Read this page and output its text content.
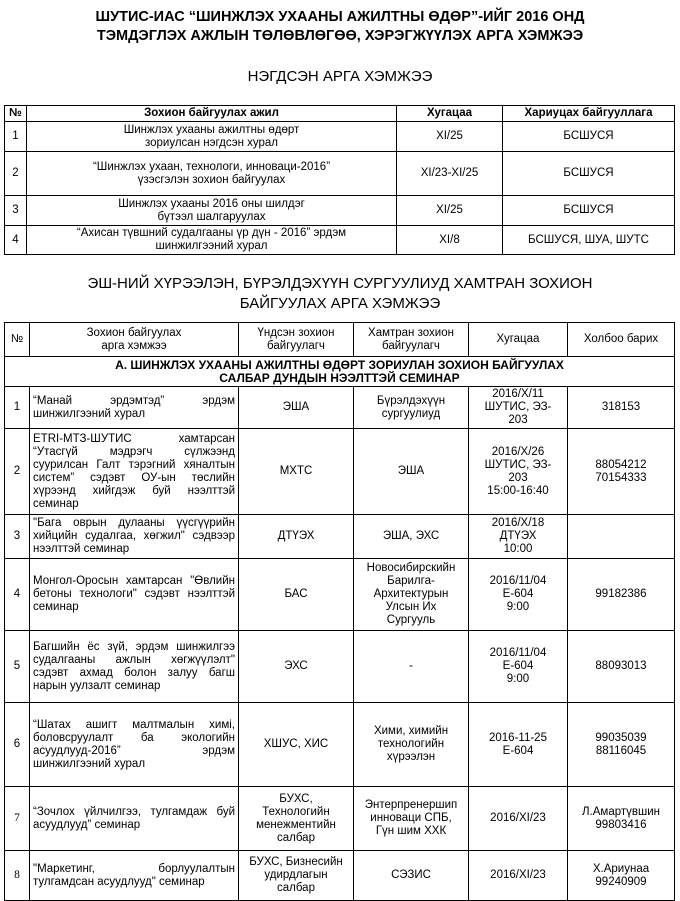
ШУТИС-ИАС “ШИНЖЛЭХ УХААНЫ АЖИЛТНЫ ӨДӨР”-ИЙГ 2016 ОНД
ТЭМДЭГЛЭХ АЖЛЫН ТӨЛӨВЛӨГӨӨ, ХЭРЭГЖҮҮЛЭХ АРГА ХЭМЖЭЭ
НЭГДСЭН АРГА ХЭМЖЭЭ
№	Зохион байгуулах ажил	Хугацаа	Хариуцах байгууллага
1	Шинжлэх ухааны ажилтны өдөрт
зориулсан нэгдсэн хурал	XI/25	БСШУСЯ
2	“Шинжлэх ухаан, технологи, инноваци-2016”
үзэсгэлэн зохион байгуулах	XI/23-XI/25	БСШУСЯ
3	Шинжлэх ухааны 2016 оны шилдэг
бүтээл шалгаруулах	XI/25	БСШУСЯ
4	“Ахисан түвшний судалгааны үр дүн - 2016” эрдэм
шинжилгээний хурал	XI/8	БСШУСЯ, ШУА, ШУТС
ЭШ-НИЙ ХҮРЭЭЛЭН, БҮРЭЛДЭХҮҮН СУРГУУЛИУД ХАМТРАН ЗОХИОН
БАЙГУУЛАХ АРГА ХЭМЖЭЭ
№	Зохион байгуулах
арга хэмжээ	Үндсэн зохион
байгуулагч	Хамтран зохион
байгуулагч	Хугацаа	Холбоо барих

А. ШИНЖЛЭХ УХААНЫ АЖИЛТНЫ ӨДӨРТ ЗОРИУЛАН ЗОХИОН БАЙГУУЛАХ
САЛБАР ДУНДЫН НЭЭЛТТЭЙ СЕМИНАР					

1	“Манай эрдэмтэд” эрдэм шинжилгээний хурал	ЭША	Бүрэлдэхүүн
сургуулиуд	2016/X/11
ШУТИС, ЭЗ-
203	318153

2	ETRI-МТЗ-ШУТИС хамтарсан “Утасгүй мэдрэгч сүлжээнд суурилсан Галт тэрэгний хяналтын систем” сэдэвт ОУ-ын төслийн хүрээнд хийгдэж буй нээлттэй семинар	МХТС	ЭША	2016/X/26
ШУТИС, ЭЗ-
203
15:00-16:40	88054212
70154333

3	"Бага оврын дулааны үүсгүүрийн хийцийн судалгаа, хөгжил" сэдвээр нээлттэй семинар	ДТҮЭХ	ЭША, ЭХС	2016/X/18
ДТҮЭХ
10:00	

4	Монгол-Оросын хамтарсан "Өвлийн бетоны технологи" сэдэвт нээлттэй семинар	БАС	Новосибирскийн
Барилга-
Архитектурын
Улсын Их
Сургууль	2016/11/04
Е-604
9:00	99182386

5	Багшийн ёс зүй, эрдэм шинжилгээ судалгааны ажлын хөгжүүлэлт" сэдэвт ахмад болон залуу багш нарын уулзалт семинар	ЭХС	-	2016/11/04
Е-604
9:00	88093013

6	“Шатах ашигт малтмалын химі, боловсруулалт ба экологийн асуудлууд-2016” эрдэм шинжилгээний хурал	ХШУС, ХИС	Хими, химийн
технологийн
хүрээлэн	2016-11-25
Е-604	99035039
88116045

7	“Зочлох үйлчилгээ, тулгамдаж буй асуудлууд” семинар	БУХС,
Технологийн
менежментийн
салбар	Энтерпренершип
инноваци СПБ,
Гүн шим ХХК	2016/XI/23	Л.Амартүвшин
99803416

8	"Маркетинг, борлуулалтын тулгамдсан асуудлууд" семинар	БУХС, Бизнесийн
удирдлагын
салбар	СЭЗИС	2016/XI/23	Х.Ариунаа
99240909
